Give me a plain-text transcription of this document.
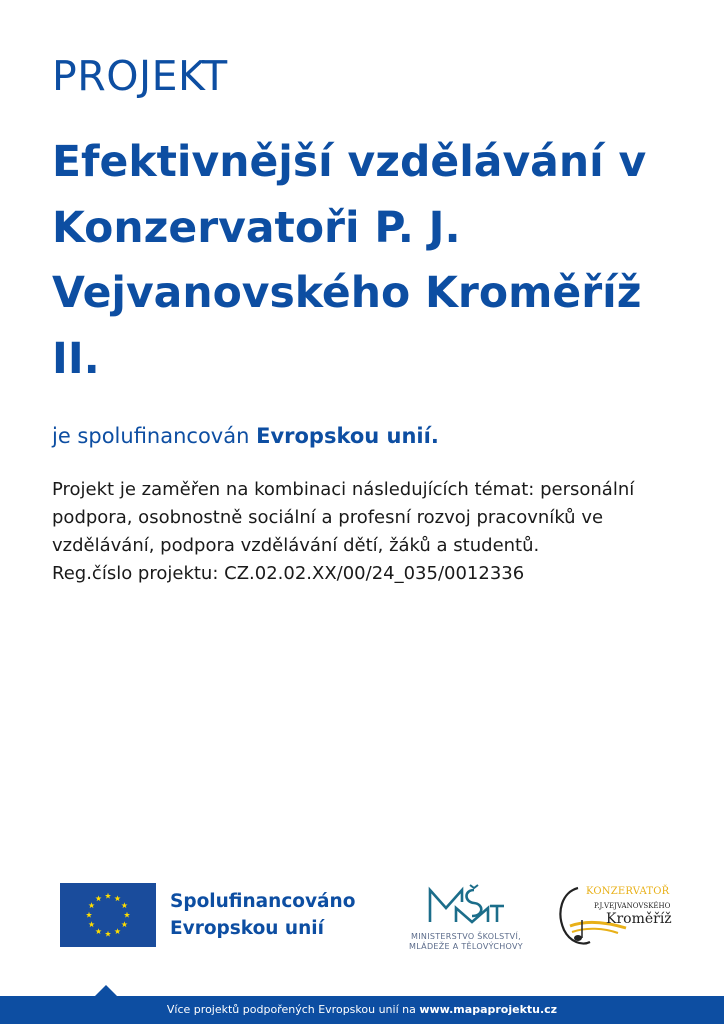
PROJEKT
Efektivnější vzdělávání v Konzervatoři P. J. Vejvanovského Kroměříž II.
je spolufinancován Evropskou unií.

Projekt je zaměřen na kombinaci následujících témat: personální podpora, osobnostně sociální a profesní rozvoj pracovníků ve vzdělávání, podpora vzdělávání dětí, žáků a studentů.

Reg.číslo projektu: CZ.02.02.XX/00/24_035/0012336

Spolufinancováno
Evropskou unií	MINISTERSTVO ŠKOLSTVÍ,
MLÁDEŽE A TĚLOVÝCHOVY
KONZERVATOŘ
P.J.VEJVANOVSKÉHO
Kroměříž
Více projektů podpořených Evropskou unií na www.mapaprojektu.cz
